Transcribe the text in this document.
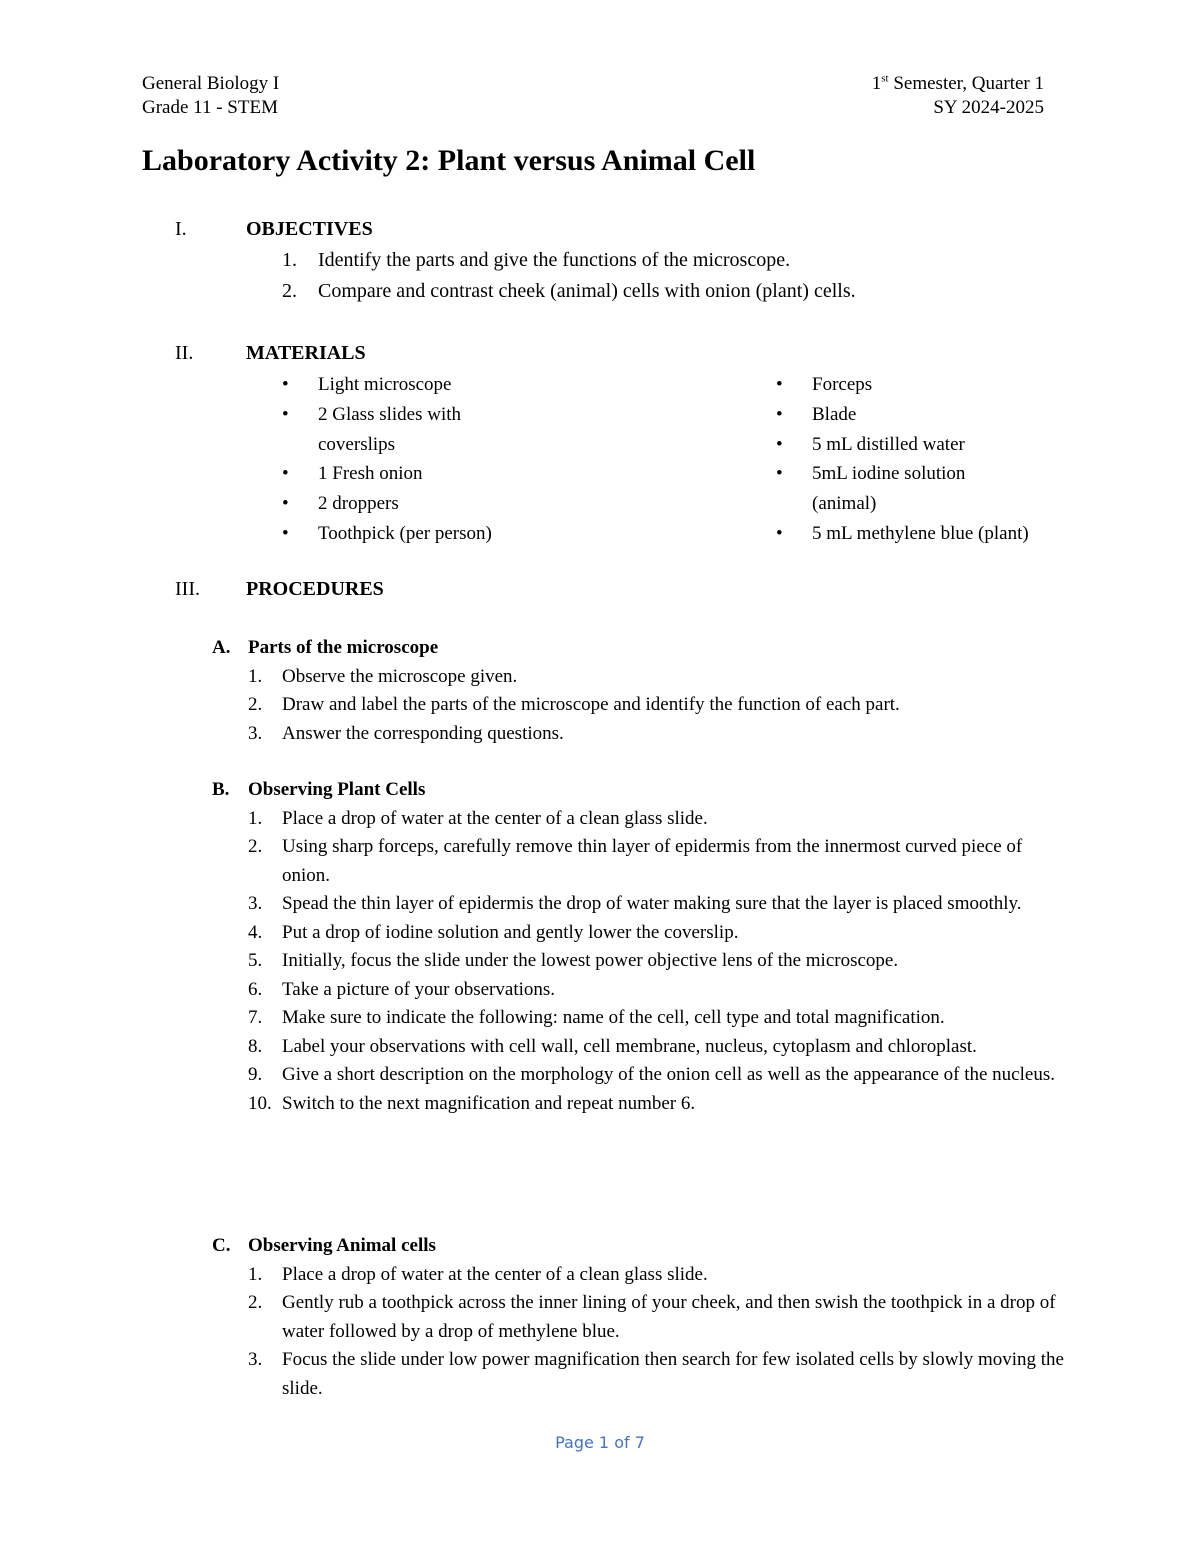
General Biology I
Grade 11 - STEM
1st Semester, Quarter 1
SY 2024-2025
Laboratory Activity 2: Plant versus Animal Cell
I.	OBJECTIVES
1. Identify the parts and give the functions of the microscope.
2. Compare and contrast cheek (animal) cells with onion (plant) cells.
II.	MATERIALS
• Light microscope
• 2 Glass slides with coverslips
• 1 Fresh onion
• 2 droppers
• Toothpick (per person)
• Forceps
• Blade
• 5 mL distilled water
• 5mL iodine solution (animal)
• 5 mL methylene blue (plant)
III.	PROCEDURES
A. Parts of the microscope
1.	Observe the microscope given.
2.	Draw and label the parts of the microscope and identify the function of each part.
3.	Answer the corresponding questions.
B. Observing Plant Cells
1.	Place a drop of water at the center of a clean glass slide.
2.	Using sharp forceps, carefully remove thin layer of epidermis from the innermost curved piece of onion.
3.	Spead the thin layer of epidermis the drop of water making sure that the layer is placed smoothly.
4.	Put a drop of iodine solution and gently lower the coverslip.
5.	Initially, focus the slide under the lowest power objective lens of the microscope.
6.	Take a picture of your observations.
7.	Make sure to indicate the following: name of the cell, cell type and total magnification.
8.	Label your observations with cell wall, cell membrane, nucleus, cytoplasm and chloroplast.
9.	Give a short description on the morphology of the onion cell as well as the appearance of the nucleus.
10. Switch to the next magnification and repeat number 6.
C. Observing Animal cells
1.	Place a drop of water at the center of a clean glass slide.
2.	Gently rub a toothpick across the inner lining of your cheek, and then swish the toothpick in a drop of water followed by a drop of methylene blue.
3.	Focus the slide under low power magnification then search for few isolated cells by slowly moving the slide.
Page 1 of 7
